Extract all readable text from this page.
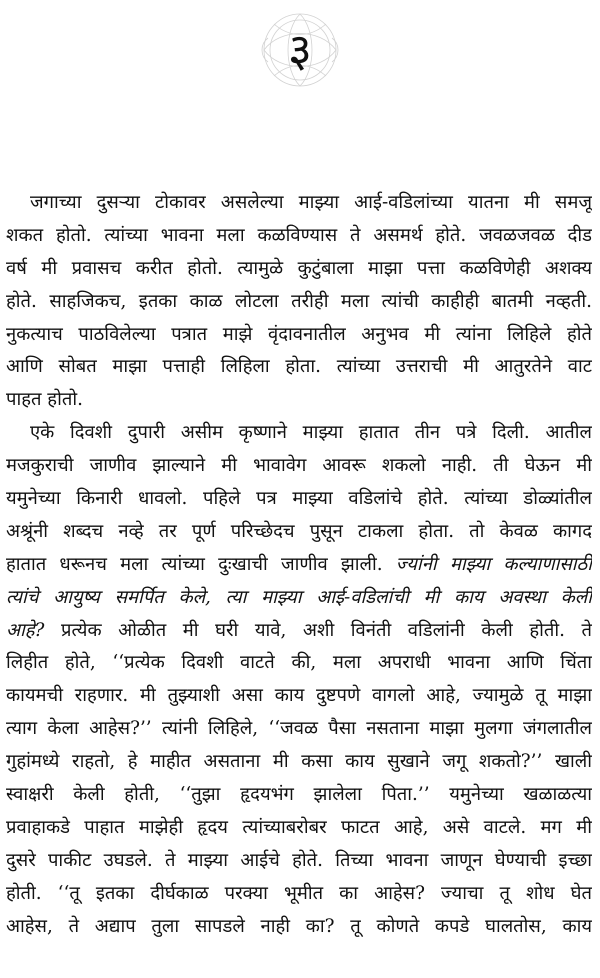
३
जगाच्या दुसऱ्या टोकावर असलेल्या माझ्या आई-वडिलांच्या यातना मी समजू
शकत होतो. त्यांच्या भावना मला कळविण्यास ते असमर्थ होते. जवळजवळ दीड
वर्ष मी प्रवासच करीत होतो. त्यामुळे कुटुंबाला माझा पत्ता कळविणेही अशक्य
होते. साहजिकच, इतका काळ लोटला तरीही मला त्यांची काहीही बातमी नव्हती.
नुकत्याच पाठविलेल्या पत्रात माझे वृंदावनातील अनुभव मी त्यांना लिहिले होते
आणि सोबत माझा पत्ताही लिहिला होता. त्यांच्या उत्तराची मी आतुरतेने वाट
पाहत होतो.
एके दिवशी दुपारी असीम कृष्णाने माझ्या हातात तीन पत्रे दिली. आतील
मजकुराची जाणीव झाल्याने मी भावावेग आवरू शकलो नाही. ती घेऊन मी
यमुनेच्या किनारी धावलो. पहिले पत्र माझ्या वडिलांचे होते. त्यांच्या डोळ्यांतील
अश्रूंनी शब्दच नव्हे तर पूर्ण परिच्छेदच पुसून टाकला होता. तो केवळ कागद
हातात धरूनच मला त्यांच्या दुःखाची जाणीव झाली. ज्यांनी माझ्या कल्याणासाठी
त्यांचे आयुष्य समर्पित केले, त्या माझ्या आई-वडिलांची मी काय अवस्था केली
आहे? प्रत्येक ओळीत मी घरी यावे, अशी विनंती वडिलांनी केली होती. ते
लिहीत होते, ‘‘प्रत्येक दिवशी वाटते की, मला अपराधी भावना आणि चिंता
कायमची राहणार. मी तुझ्याशी असा काय दुष्टपणे वागलो आहे, ज्यामुळे तू माझा
त्याग केला आहेस?’’ त्यांनी लिहिले, ‘‘जवळ पैसा नसताना माझा मुलगा जंगलातील
गुहांमध्ये राहतो, हे माहीत असताना मी कसा काय सुखाने जगू शकतो?’’ खाली
स्वाक्षरी केली होती, ‘‘तुझा हृदयभंग झालेला पिता.’’ यमुनेच्या खळाळत्या
प्रवाहाकडे पाहात माझेही हृदय त्यांच्याबरोबर फाटत आहे, असे वाटले. मग मी
दुसरे पाकीट उघडले. ते माझ्या आईचे होते. तिच्या भावना जाणून घेण्याची इच्छा
होती. ‘‘तू इतका दीर्घकाळ परक्या भूमीत का आहेस? ज्याचा तू शोध घेत
आहेस, ते अद्याप तुला सापडले नाही का? तू कोणते कपडे घालतोस, काय
